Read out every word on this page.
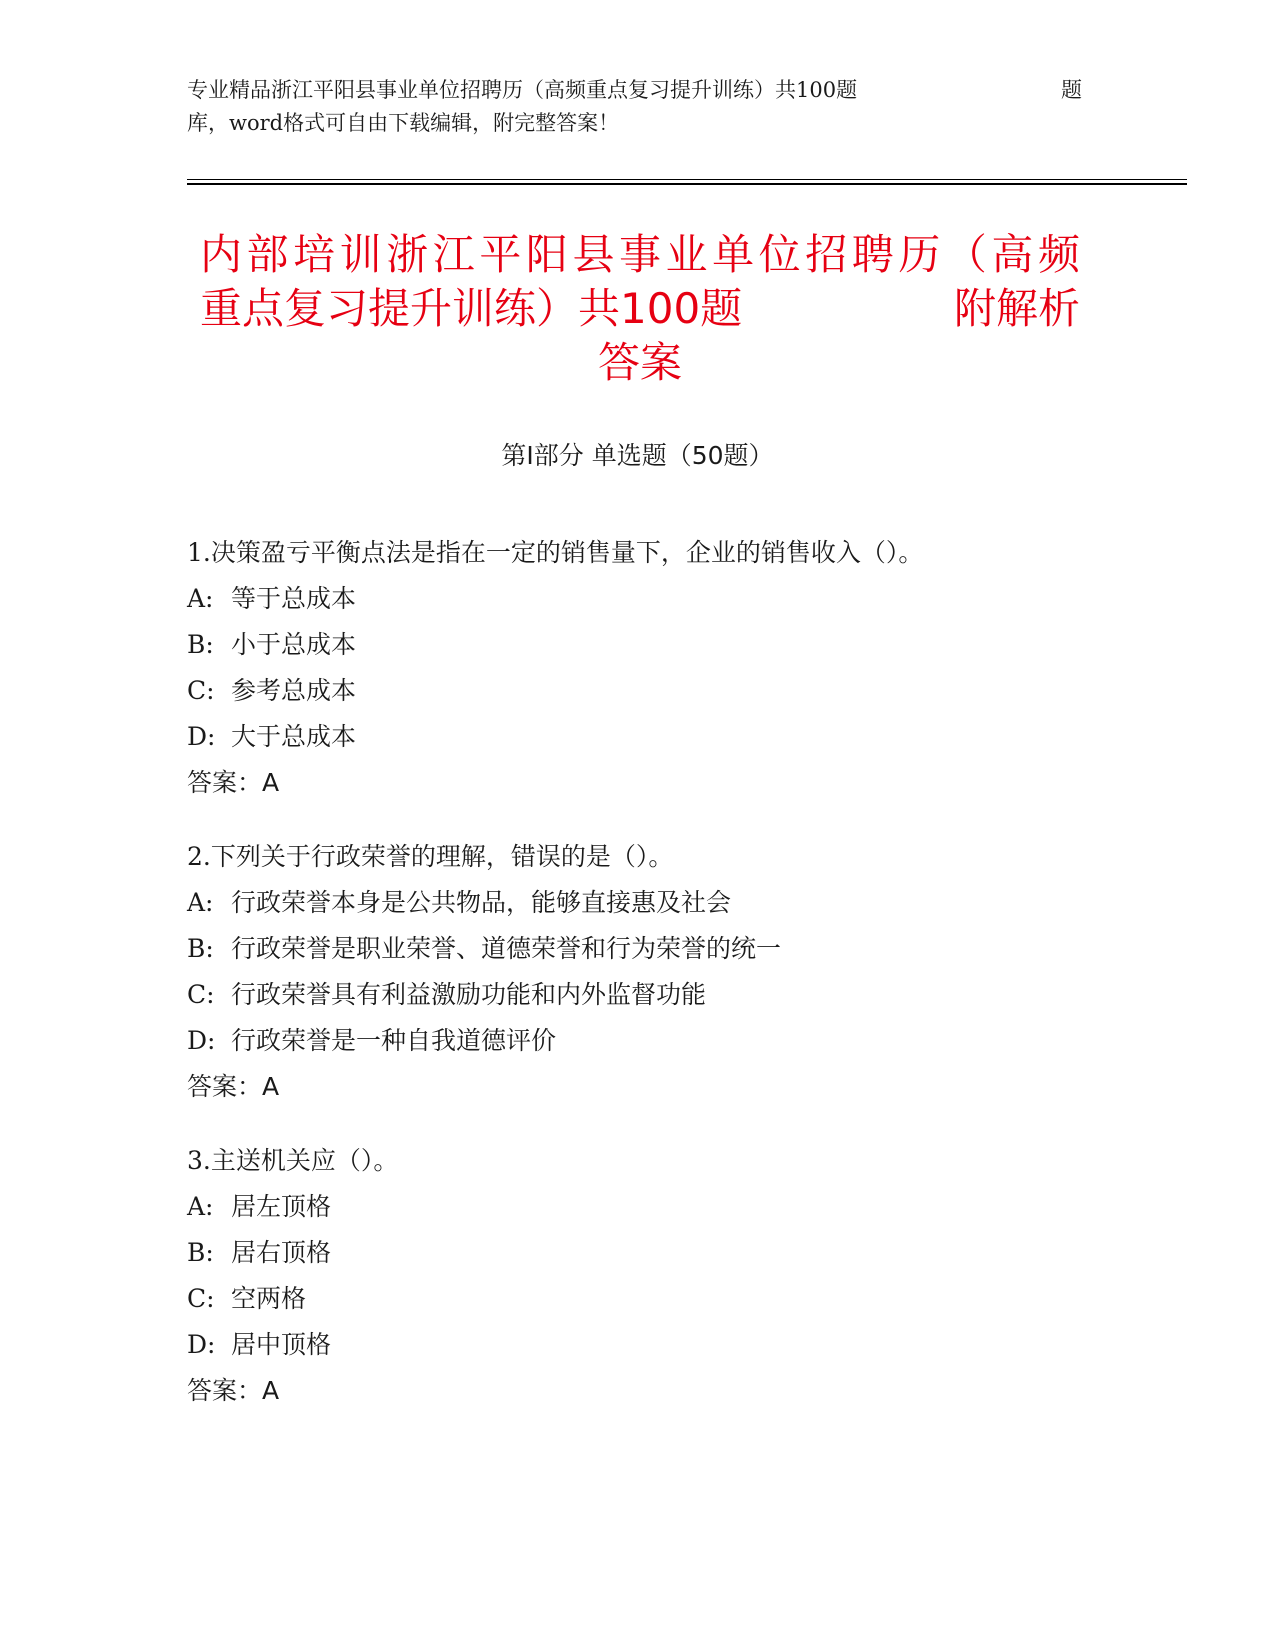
专业精品浙江平阳县事业单位招聘历（高频重点复习提升训练）共100题	题
库，word格式可自由下载编辑，附完整答案！
内部培训浙江平阳县事业单位招聘历（高频
重点复习提升训练）共100题	附解析
答案
第Ⅰ部分 单选题（50题）
1.决策盈亏平衡点法是指在一定的销售量下，企业的销售收入（）。
A: 等于总成本
B: 小于总成本
C: 参考总成本
D: 大于总成本
答案：A
2.下列关于行政荣誉的理解，错误的是（）。
A: 行政荣誉本身是公共物品，能够直接惠及社会
B: 行政荣誉是职业荣誉、道德荣誉和行为荣誉的统一
C: 行政荣誉具有利益激励功能和内外监督功能
D: 行政荣誉是一种自我道德评价
答案：A
3.主送机关应（）。
A: 居左顶格
B: 居右顶格
C: 空两格
D: 居中顶格
答案：A
